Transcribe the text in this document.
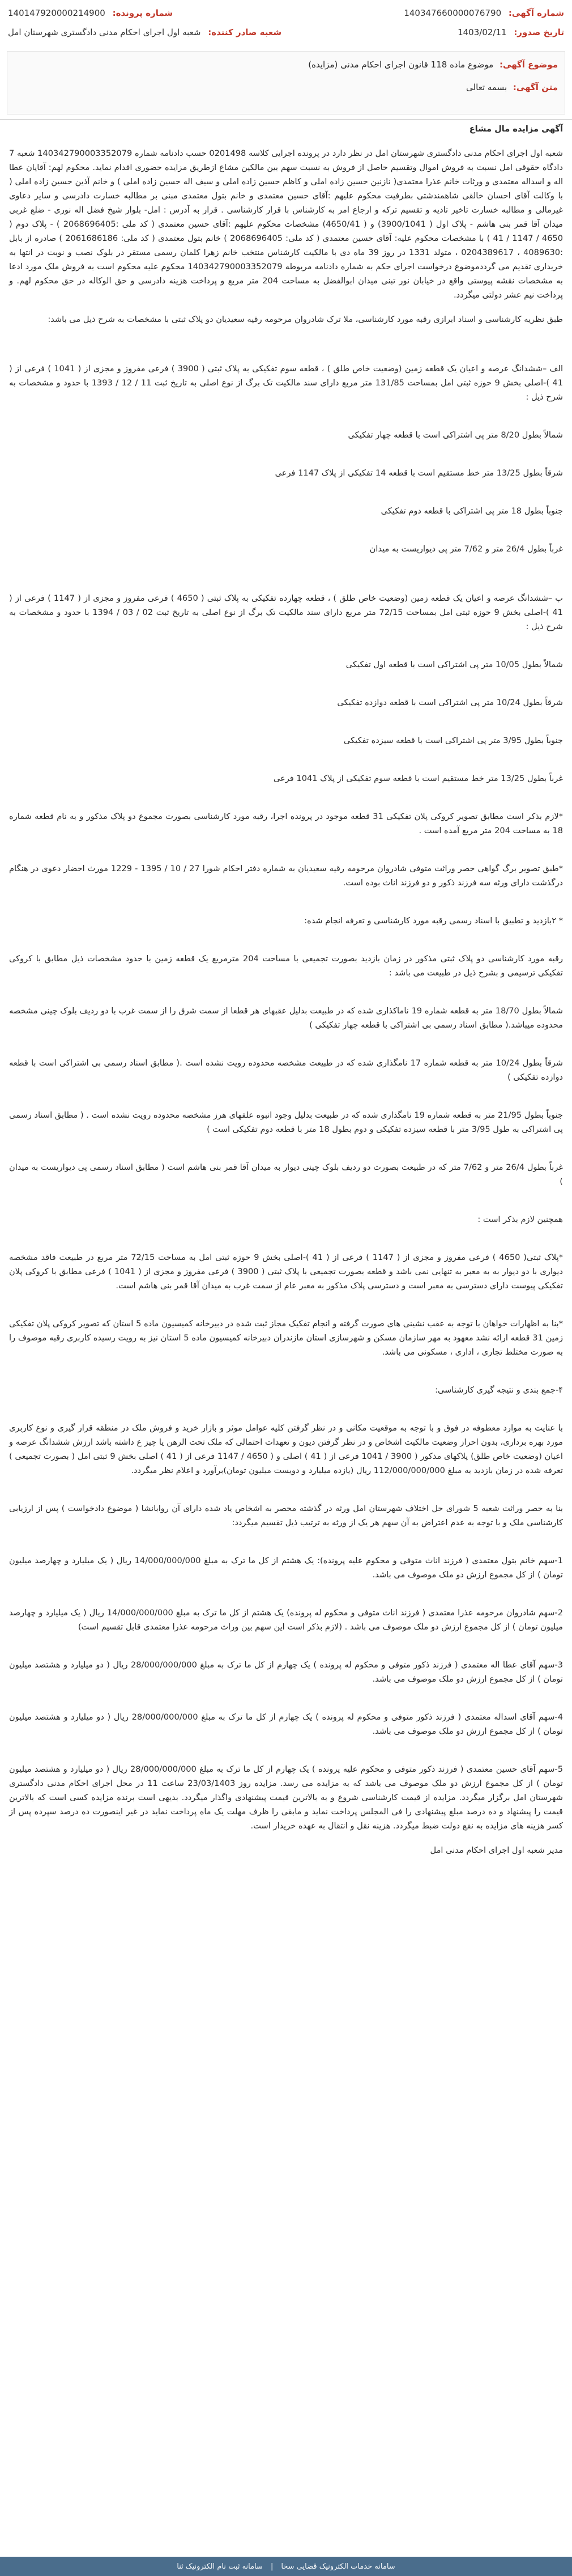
شماره آگهی: 140347660000076790
شماره پرونده: 140147920000214900
تاریخ صدور: 1403/02/11
شعبه صادر کننده: شعبه اول اجرای احکام مدنی دادگستری شهرستان امل
موضوع آگهی: موضوع ماده 118 قانون اجرای احکام مدنی (مزایده)
متن آگهی: بسمه تعالی

آگهی مزایده مال مشاع

شعبه اول اجرای احکام مدنی دادگستری شهرستان امل در نظر دارد در پرونده اجرایی کلاسه 0201498 حسب دادنامه شماره 140342790003352079 شعبه 7 دادگاه حقوقی امل نسبت به فروش اموال وتقسیم حاصل از فروش به نسبت سهم بین مالکین مشاع ازطریق مزایده حضوری اقدام نماید. محکوم لهم: آقایان عطا اله و اسداله معتمدی و ورثات خانم عذرا معتمدی( نازنین حسین زاده املی و کاظم حسین زاده املی و سیف اله حسین زاده املی ) و خانم آذین حسین زاده املی ( با وکالت آقای احسان خالقی شاهمندشتی بطرفیت محکوم علیهم :آقای حسین معتمدی و خانم بتول معتمدی مبنی بر مطالبه خسارت دادرسی و سایر دعاوی غیرمالی و مطالبه خسارت تاخیر تادیه و تقسیم ترکه و ارجاع امر به کارشناس با قرار کارشناسی . قرار به آدرس : امل- بلوار شیخ فضل اله نوری - ضلع غربی میدان آقا قمر بنی هاشم - پلاک اول ( 3900/1041) و ( 4650/41) مشخصات محکوم علیهم :آقای حسین معتمدی ( کد ملی :2068696405 ) - پلاک دوم ( 4650 / 1147 / 41 ) با مشخصات محکوم علیه: آقای حسین معتمدی ( کد ملی: 2068696405 ) خانم بتول معتمدی ( کد ملی: 2061686186 ) صادره از بابل :4089630 ، 0204389617 ، متولد 1331 در روز 39 ماه دی با مالکیت کارشناس منتخب خانم زهرا کلمان رسمی مستقر در بلوک نصب و نوبت در انتها به خریداری تقدیم می گرددموضوع درخواست اجرای حکم به شماره دادنامه مربوطه 140342790003352079 محکوم علیه محکوم است به فروش ملک مورد ادعا به مشخصات نقشه پیوستی واقع در خیابان نور تبنی میدان ابوالفضل به مساحت 204 متر مربع و پرداخت هزینه دادرسی و حق الوکاله در حق محکوم لهم. و پرداخت نیم عشر دولتی میگردد.

طبق نظریه کارشناسی و اسناد ابرازی رقبه مورد کارشناسی، ملا ترک شادروان مرحومه رقیه سعیدیان دو پلاک ثبتی با مشخصات به شرح ذیل می باشد:

الف –ششدانگ عرصه و اعیان یک قطعه زمین (وضعیت خاص طلق ) ، قطعه سوم تفکیکی به پلاک ثبتی ( 3900 ) فرعی مفروز و مجزی از ( 1041 ) فرعی از ( 41 )-اصلی بخش 9 حوزه ثبتی امل بمساحت 131/85 متر مربع دارای سند مالکیت تک برگ از نوع اصلی به تاریخ ثبت 11 / 12 / 1393 با حدود و مشخصات به شرح ذیل :

شمالاً بطول 8/20 متر پی اشتراکی است با قطعه چهار تفکیکی

شرقاً بطول 13/25 متر خط مستقیم است با قطعه 14 تفکیکی از پلاک 1147 فرعی

جنوباً بطول 18 متر پی اشتراکی با قطعه دوم تفکیکی

غرباً بطول 26/4 متر و 7/62 متر پی دیواریست به میدان

ب –ششدانگ عرصه و اعیان یک قطعه زمین (وضعیت خاص طلق ) ، قطعه چهارده تفکیکی به پلاک ثبتی ( 4650 ) فرعی مفروز و مجزی از ( 1147 ) فرعی از ( 41 )-اصلی بخش 9 حوزه ثبتی امل بمساحت 72/15 متر مربع دارای سند مالکیت تک برگ از نوع اصلی به تاریخ ثبت 02 / 03 / 1394 با حدود و مشخصات به شرح ذیل :

شمالاً بطول 10/05 متر پی اشتراکی است با قطعه اول تفکیکی

شرقاً بطول 10/24 متر پی اشتراکی است با قطعه دوازده تفکیکی

جنوباً بطول 3/95 متر پی اشتراکی است با قطعه سیزده تفکیکی

غرباً بطول 13/25 متر خط مستقیم است با قطعه سوم تفکیکی از پلاک 1041 فرعی

*لازم بذکر است مطابق تصویر کروکی پلان تفکیکی 31 قطعه موجود در پرونده اجرا، رقبه مورد کارشناسی بصورت مجموع دو پلاک مذکور و به نام قطعه شماره 18 به مساحت 204 متر مربع آمده است .

*طبق تصویر برگ گواهی حصر وراثت متوفی شادروان مرحومه رقیه سعیدیان به شماره دفتر احکام شورا 27 / 10 / 1395 - 1229 مورث احضار دعوی در هنگام درگذشت دارای ورثه سه فرزند ذکور و دو فرزند اناث بوده است.

* ۲بازدید و تطبیق با اسناد رسمی رقبه مورد کارشناسی و تعرفه انجام شده:

رقبه مورد کارشناسی دو پلاک ثبتی مذکور در زمان بازدید بصورت تجمیعی با مساحت 204 مترمربع یک قطعه زمین با حدود مشخصات ذیل مطابق با کروکی تفکیکی ترسیمی و بشرح ذیل در طبیعت می باشد :

شمالاً بطول 18/70 متر به قطعه شماره 19 ناماکذاری شده که در طبیعت بدلیل عقبهای هر قطعا از سمت شرق را از سمت غرب با دو ردیف بلوک چینی مشخصه محدوده میباشد.( مطابق اسناد رسمی بی اشتراکی با قطعه چهار تفکیکی )

شرقاً بطول 10/24 متر به قطعه شماره 17 نامگذاری شده که در طبیعت مشخصه محدوده رویت نشده است .( مطابق اسناد رسمی بی اشتراکی است با قطعه دوازده تفکیکی )

جنوباً بطول 21/95 متر به قطعه شماره 19 نامگذاری شده که در طبیعت بدلیل وجود انبوه علفهای هرز مشخصه محدوده رویت نشده است . ( مطابق اسناد رسمی پی اشتراکی به طول 3/95 متر با قطعه سیزده تفکیکی و دوم بطول 18 متر با قطعه دوم تفکیکی است )

غرباً بطول 26/4 متر و 7/62 متر که در طبیعت بصورت دو ردیف بلوک چینی دیوار به میدان آقا قمر بنی هاشم است ( مطابق اسناد رسمی پی دیواریست به میدان )

همچنین لازم بذکر است :

*پلاک ثبتی( 4650 ) فرعی مفروز و مجزی از ( 1147 ) فرعی از ( 41 )-اصلی بخش 9 حوزه ثبتی امل به مساحت 72/15 متر مربع در طبیعت فاقد مشخصه دیواری با دو دیوار به به معبر به تنهایی نمی باشد و قطعه بصورت تجمیعی با پلاک ثبتی ( 3900 ) فرعی مفروز و مجزی از ( 1041 ) فرعی مطابق با کروکی پلان تفکیکی پیوست دارای دسترسی به معبر است و دسترسی پلاک مذکور به معبر عام از سمت غرب به میدان آقا قمر بنی هاشم است.

*بنا به اظهارات خواهان با توجه به عقب نشینی های صورت گرفته و انجام تفکیک مجاز ثبت شده در دبیرخانه کمیسیون ماده 5 استان که تصویر کروکی پلان تفکیکی زمین 31 قطعه ارائه نشد معهود به مهر سازمان مسکن و شهرسازی استان مازندران دبیرخانه کمیسیون ماده 5 استان نیز به رویت رسیده کاربری رقبه موصوف را به صورت مختلط تجاری ، اداری ، مسکونی می باشد.

۴-جمع بندی و نتیجه گیری کارشناسی:

با عنایت به موارد معطوفه در فوق و با توجه به موقعیت مکانی و در نظر گرفتن کلیه عوامل موثر و بازار خرید و فروش ملک در منطقه قرار گیری و نوع کاربری مورد بهره برداری، بدون احراز وضعیت مالکیت اشخاص و در نظر گرفتن دیون و تعهدات احتمالی که ملک تحت الرهن یا چیز ع داشته باشد ارزش ششدانگ عرصه و اعیان (وضعیت خاص طلق) پلاکهای مذکور ( 3900 / 1041 فرعی از ( 41 ) اصلی و ( 4650 / 1147 فرعی از ( 41 ) اصلی بخش 9 ثبتی امل ( بصورت تجمیعی ) تعرفه شده در زمان بازدید به مبلغ 112/000/000/000 ریال (یازده میلیارد و دویست میلیون تومان)برآورد و اعلام نظر میگردد.

بنا به حصر وراثت شعبه 5 شورای حل اختلاف شهرستان امل ورثه در گذشته محصر به اشخاص یاد شده دارای آن روابانشا ( موضوع دادخواست ) پس از ارزیابی کارشناسی ملک و با توجه به عدم اعتراض به آن سهم هر یک از ورثه به ترتیب ذیل تقسیم میگردد:

1-سهم خانم بتول معتمدی ( فرزند اناث متوفی و محکوم علیه پرونده): یک هشتم از کل ما ترک به مبلغ 14/000/000/000 ریال ( یک میلیارد و چهارصد میلیون تومان ) از کل مجموع ارزش دو ملک موصوف می باشد.

2-سهم شادروان مرحومه عذرا معتمدی ( فرزند اناث متوفی و محکوم له پرونده) یک هشتم از کل ما ترک به مبلغ 14/000/000/000 ریال ( یک میلیارد و چهارصد میلیون تومان ) از کل مجموع ارزش دو ملک موصوف می باشد . (لازم بذکر است این سهم بین وراث مرحومه عذرا معتمدی قابل تقسیم است)

3-سهم آقای عطا اله معتمدی ( فرزند ذکور متوفی و محکوم له پرونده ) یک چهارم از کل ما ترک به مبلغ 28/000/000/000 ریال ( دو میلیارد و هشتصد میلیون تومان ) از کل مجموع ارزش دو ملک موصوف می باشد.

4-سهم آقای اسداله معتمدی ( فرزند ذکور متوفی و محکوم له پرونده ) یک چهارم از کل ما ترک به مبلغ 28/000/000/000 ریال ( دو میلیارد و هشتصد میلیون تومان ) از کل مجموع ارزش دو ملک موصوف می باشد.

5-سهم آقای حسین معتمدی ( فرزند ذکور متوفی و محکوم علیه پرونده ) یک چهارم از کل ما ترک به مبلغ 28/000/000/000 ریال ( دو میلیارد و هشتصد میلیون تومان ) از کل مجموع ارزش دو ملک موصوف می باشد که به مزایده می رسد. مزایده روز 23/03/1403 ساعت 11 در محل اجرای احکام مدنی دادگستری شهرستان امل برگزار میگردد. مزایده از قیمت کارشناسی شروع و به بالاترین قیمت پیشنهادی واگذار میگردد. بدیهی است برنده مزایده کسی است که بالاترین قیمت را پیشنهاد و ده درصد مبلغ پیشنهادی را فی المجلس پرداخت نماید و مابقی را ظرف مهلت یک ماه پرداخت نماید در غیر اینصورت ده درصد سپرده پس از کسر هزینه های مزایده به نفع دولت ضبط میگردد. هزینه نقل و انتقال به عهده خریدار است.

مدیر شعبه اول اجرای احکام مدنی امل

سامانه خدمات الکترونیک قضایی سخا
|
سامانه ثبت نام الکترونیک ثنا
